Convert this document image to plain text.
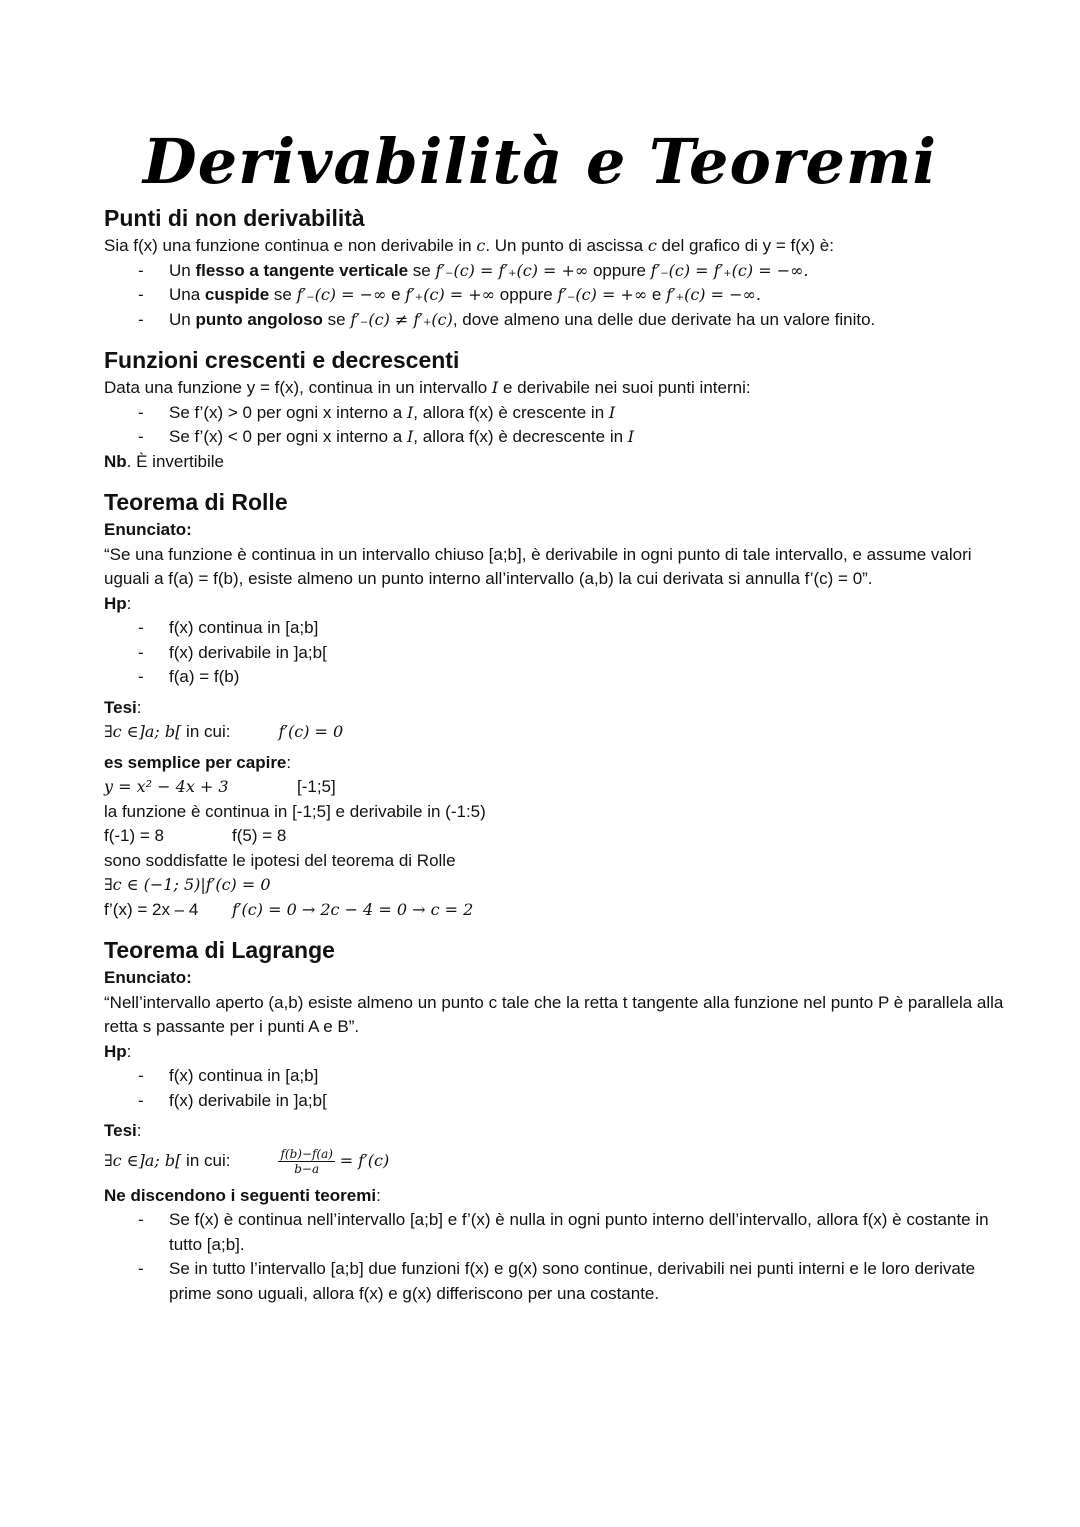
Derivabilità e Teoremi
Punti di non derivabilità
Sia f(x) una funzione continua e non derivabile in c. Un punto di ascissa c del grafico di y = f(x) è:
- Un flesso a tangente verticale se f′₋(c) = f′₊(c) = +∞ oppure f′₋(c) = f′₊(c) = −∞.
- Una cuspide se f′₋(c) = −∞ e f′₊(c) = +∞ oppure f′₋(c) = +∞ e f′₊(c) = −∞.
- Un punto angoloso se f′₋(c) ≠ f′₊(c), dove almeno una delle due derivate ha un valore finito.
Funzioni crescenti e decrescenti
Data una funzione y = f(x), continua in un intervallo I e derivabile nei suoi punti interni:
- Se f’(x) > 0 per ogni x interno a I, allora f(x) è crescente in I
- Se f’(x) < 0 per ogni x interno a I, allora f(x) è decrescente in I
Nb. È invertibile
Teorema di Rolle
Enunciato:
“Se una funzione è continua in un intervallo chiuso [a;b], è derivabile in ogni punto di tale intervallo, e assume valori uguali a f(a) = f(b), esiste almeno un punto interno all’intervallo (a,b) la cui derivata si annulla f’(c) = 0”.
Hp:
- f(x) continua in [a;b]
- f(x) derivabile in ]a;b[
- f(a) = f(b)
Tesi:
∃c ∈]a; b[ in cui:	f′(c) = 0
es semplice per capire:
y = x² − 4x + 3	[-1;5]
la funzione è continua in [-1;5] e derivabile in (-1:5)
f(-1) = 8	f(5) = 8
sono soddisfatte le ipotesi del teorema di Rolle
∃c ∈ (−1; 5)|f′(c) = 0
f’(x) = 2x – 4 f′(c) = 0 → 2c − 4 = 0 → c = 2
Teorema di Lagrange
Enunciato:
“Nell’intervallo aperto (a,b) esiste almeno un punto c tale che la retta t tangente alla funzione nel punto P è parallela alla retta s passante per i punti A e B”.
Hp:
- f(x) continua in [a;b]
- f(x) derivabile in ]a;b[
Tesi:
∃c ∈]a; b[ in cui:	$\frac{f(b)-f(a)}{b-a} = f'(c)$
Ne discendono i seguenti teoremi:
- Se f(x) è continua nell’intervallo [a;b] e f’(x) è nulla in ogni punto interno dell’intervallo, allora f(x) è costante in tutto [a;b].
- Se in tutto l’intervallo [a;b] due funzioni f(x) e g(x) sono continue, derivabili nei punti interni e le loro derivate prime sono uguali, allora f(x) e g(x) differiscono per una costante.
